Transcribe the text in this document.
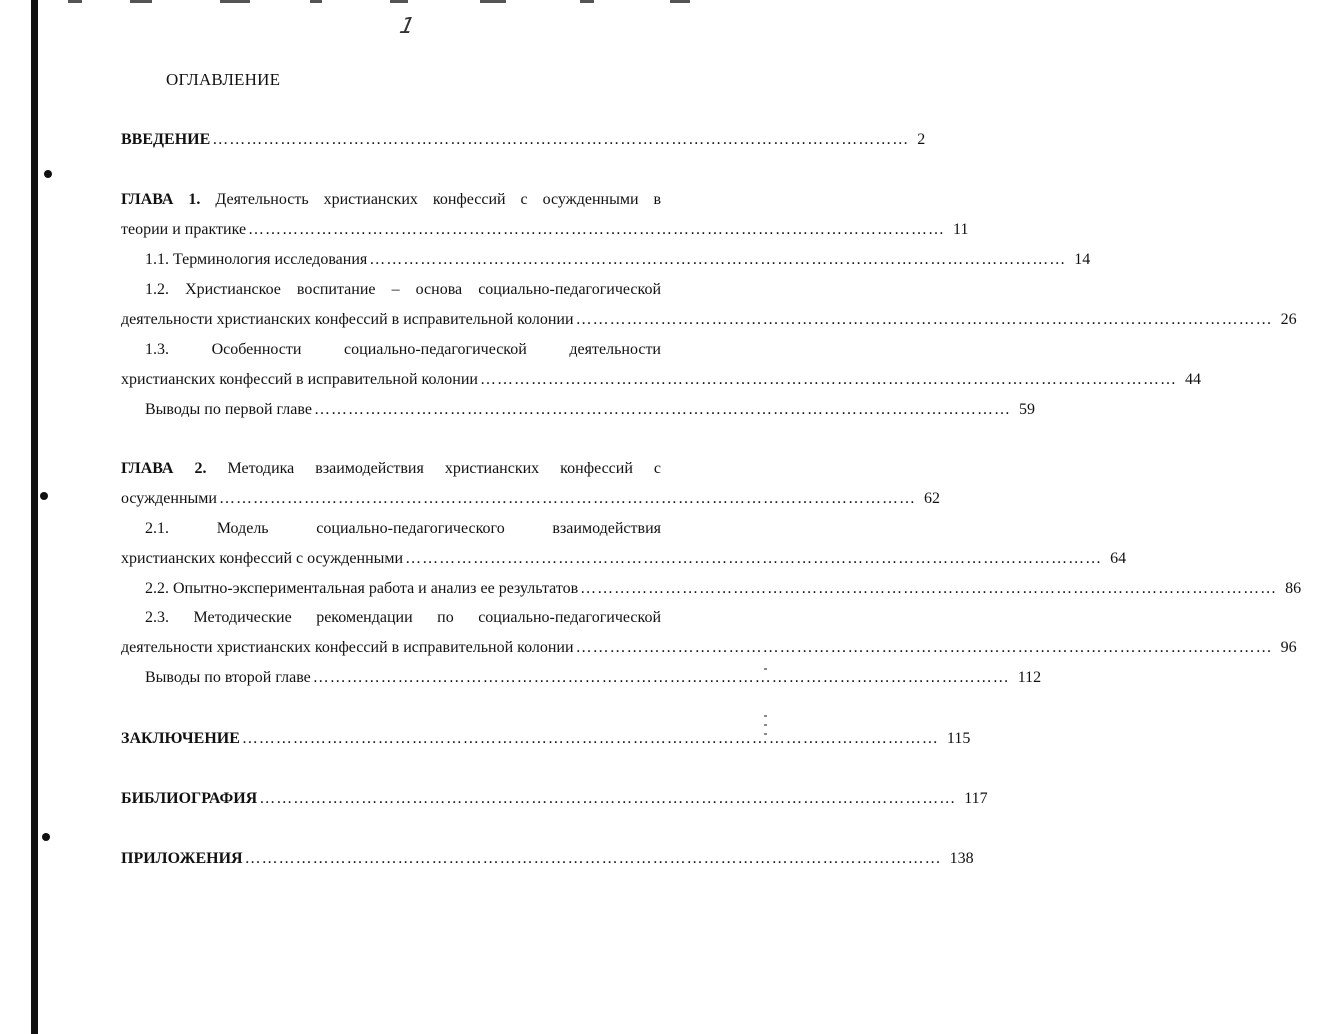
1
ОГЛАВЛЕНИЕ
ВВЕДЕНИЕ …………………………………………………………………………………………………………… 2
ГЛАВА 1. Деятельность христианских конфессий с осужденными в
теории и практике …………………………………………………………………………………………………………… 11
1.1. Терминология исследования …………………………………………………………………………………………………………… 14
1.2. Христианское воспитание – основа социально-педагогической
деятельности христианских конфессий в исправительной колонии …………………………………………………………………………………………………………… 26
1.3. Особенности социально-педагогической деятельности
христианских конфессий в исправительной колонии …………………………………………………………………………………………………………… 44
Выводы по первой главе …………………………………………………………………………………………………………… 59
ГЛАВА 2. Методика взаимодействия христианских конфессий с
осужденными …………………………………………………………………………………………………………… 62
2.1. Модель социально-педагогического взаимодействия
христианских конфессий с осужденными …………………………………………………………………………………………………………… 64
2.2. Опытно-экспериментальная работа и анализ ее результатов …………………………………………………………………………………………………………… 86
2.3. Методические рекомендации по социально-педагогической
деятельности христианских конфессий в исправительной колонии …………………………………………………………………………………………………………… 96
Выводы по второй главе …………………………………………………………………………………………………………… 112
ЗАКЛЮЧЕНИЕ …………………………………………………………………………………………………………… 115
БИБЛИОГРАФИЯ …………………………………………………………………………………………………………… 117
ПРИЛОЖЕНИЯ …………………………………………………………………………………………………………… 138
